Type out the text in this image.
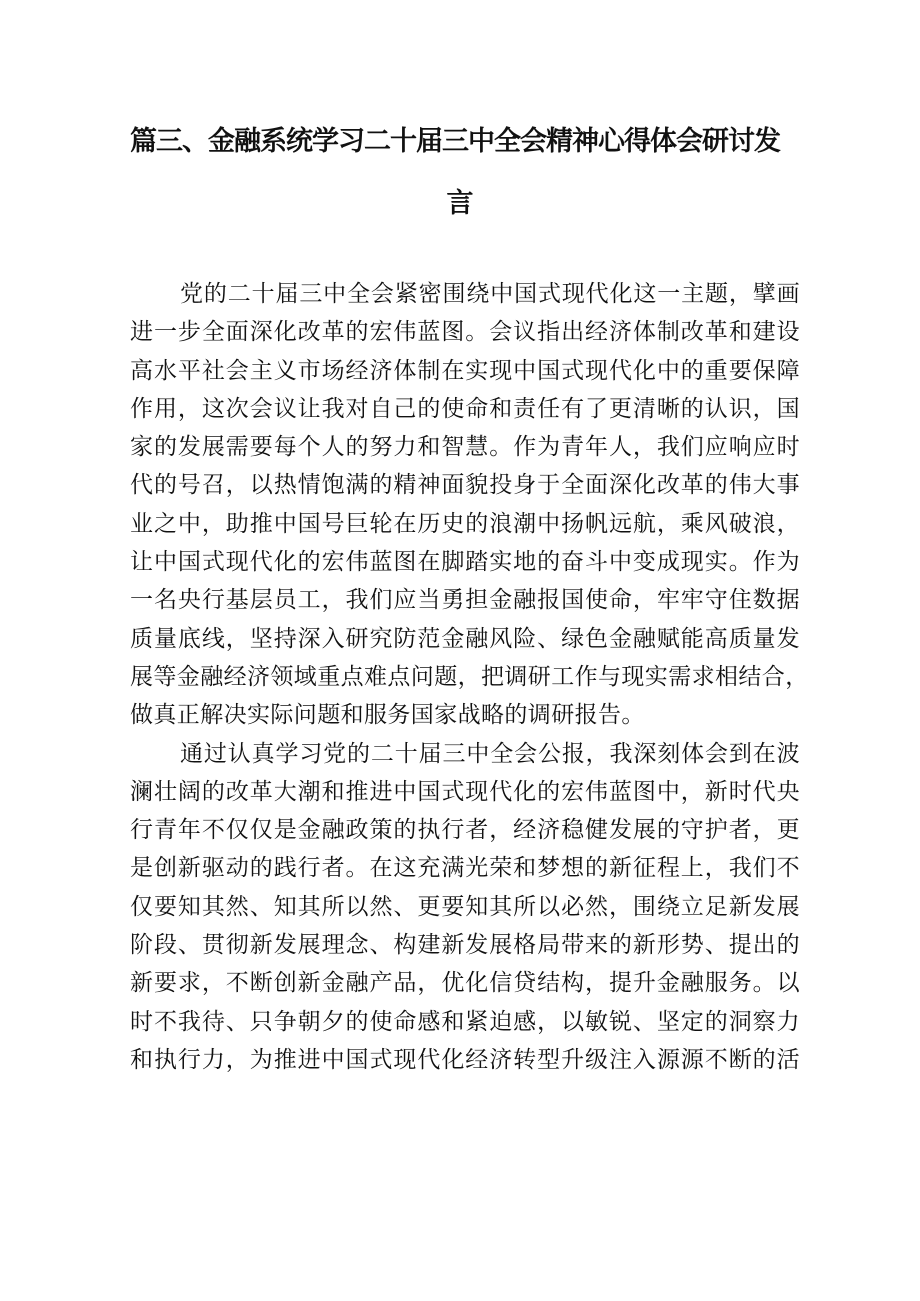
篇三、金融系统学习二十届三中全会精神心得体会研讨发
言
党的二十届三中全会紧密围绕中国式现代化这一主题，擘画
进一步全面深化改革的宏伟蓝图。会议指出经济体制改革和建设
高水平社会主义市场经济体制在实现中国式现代化中的重要保障
作用，这次会议让我对自己的使命和责任有了更清晰的认识，国
家的发展需要每个人的努力和智慧。作为青年人，我们应响应时
代的号召，以热情饱满的精神面貌投身于全面深化改革的伟大事
业之中，助推中国号巨轮在历史的浪潮中扬帆远航，乘风破浪，
让中国式现代化的宏伟蓝图在脚踏实地的奋斗中变成现实。作为
一名央行基层员工，我们应当勇担金融报国使命，牢牢守住数据
质量底线，坚持深入研究防范金融风险、绿色金融赋能高质量发
展等金融经济领域重点难点问题，把调研工作与现实需求相结合，
做真正解决实际问题和服务国家战略的调研报告。
通过认真学习党的二十届三中全会公报，我深刻体会到在波
澜壮阔的改革大潮和推进中国式现代化的宏伟蓝图中，新时代央
行青年不仅仅是金融政策的执行者，经济稳健发展的守护者，更
是创新驱动的践行者。在这充满光荣和梦想的新征程上，我们不
仅要知其然、知其所以然、更要知其所以必然，围绕立足新发展
阶段、贯彻新发展理念、构建新发展格局带来的新形势、提出的
新要求，不断创新金融产品，优化信贷结构，提升金融服务。以
时不我待、只争朝夕的使命感和紧迫感，以敏锐、坚定的洞察力
和执行力，为推进中国式现代化经济转型升级注入源源不断的活
